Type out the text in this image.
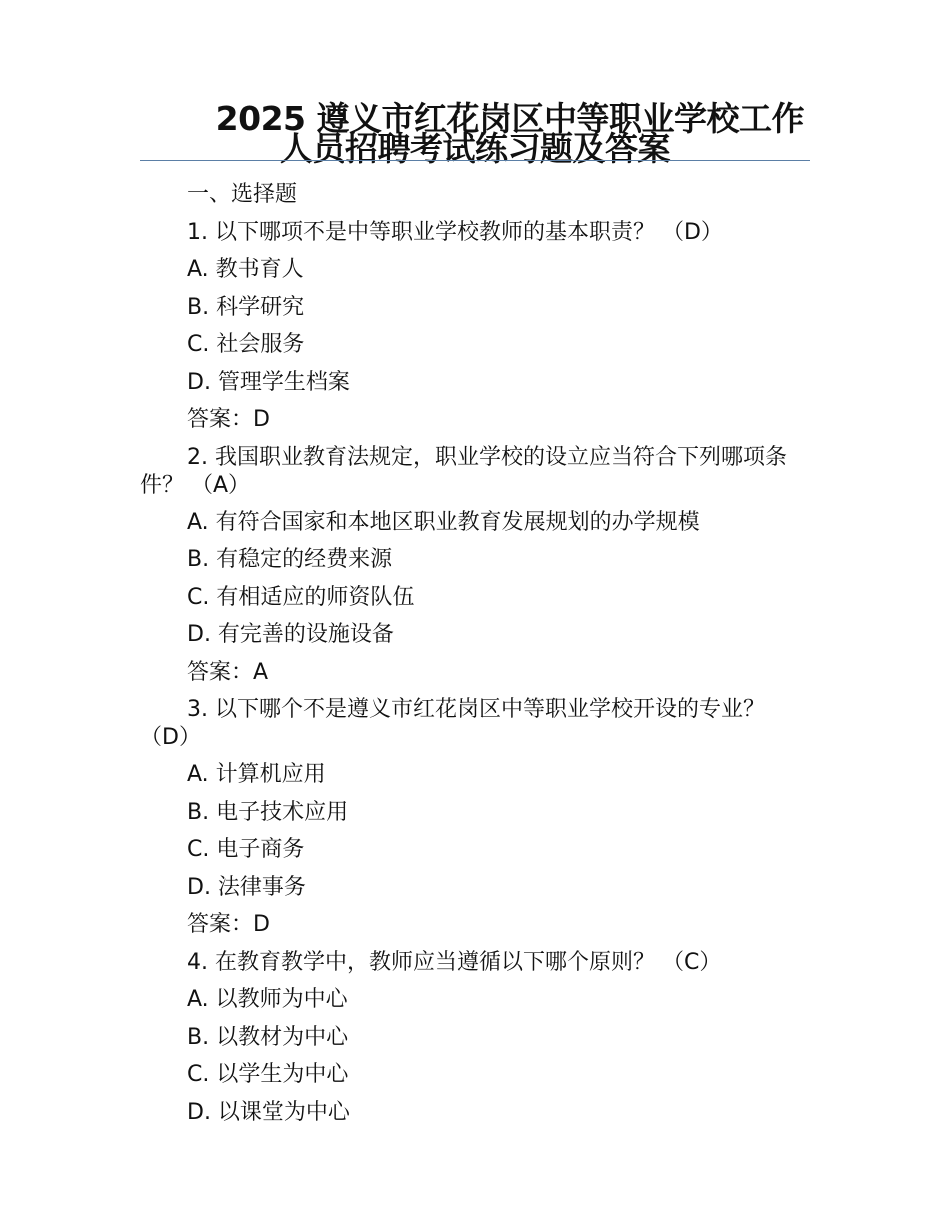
2025 遵义市红花岗区中等职业学校工作
人员招聘考试练习题及答案
一、选择题
1. 以下哪项不是中等职业学校教师的基本职责？ （D）
A. 教书育人
B. 科学研究
C. 社会服务
D. 管理学生档案
答案：D
2. 我国职业教育法规定，职业学校的设立应当符合下列哪项条件？ （A）
A. 有符合国家和本地区职业教育发展规划的办学规模
B. 有稳定的经费来源
C. 有相适应的师资队伍
D. 有完善的设施设备
答案：A
3. 以下哪个不是遵义市红花岗区中等职业学校开设的专业？ （D）
A. 计算机应用
B. 电子技术应用
C. 电子商务
D. 法律事务
答案：D
4. 在教育教学中，教师应当遵循以下哪个原则？ （C）
A. 以教师为中心
B. 以教材为中心
C. 以学生为中心
D. 以课堂为中心
